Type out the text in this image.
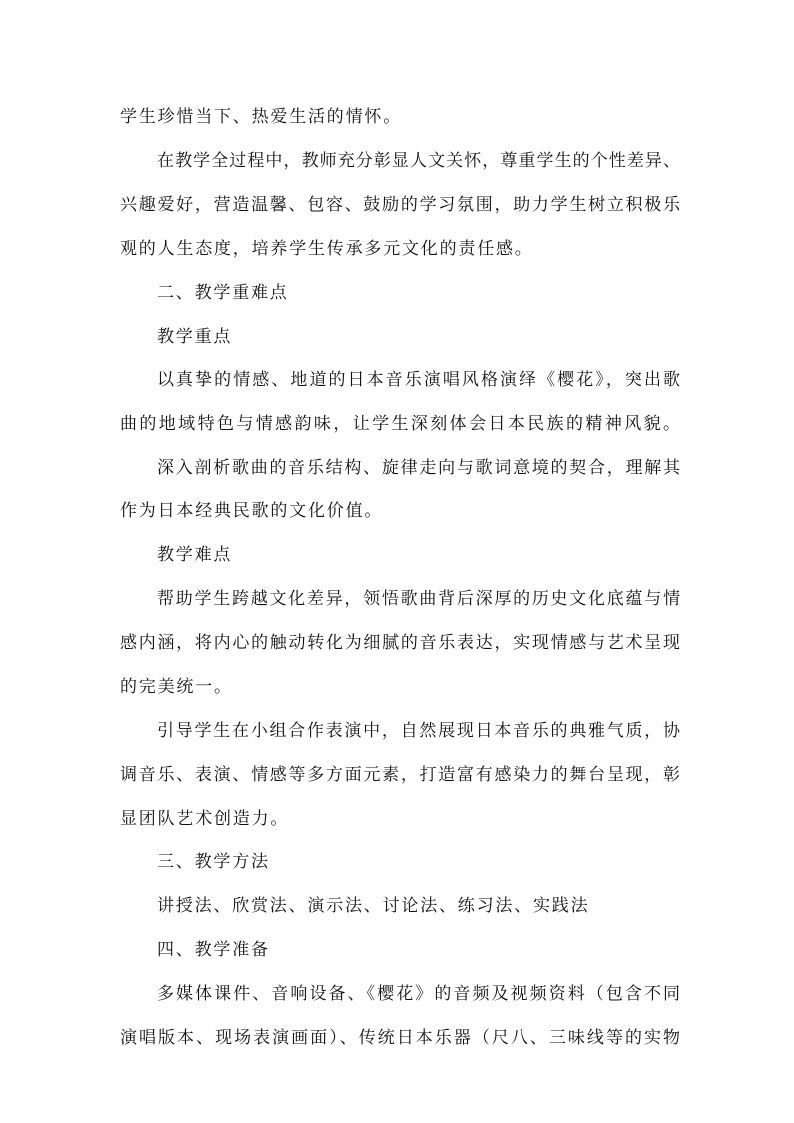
学生珍惜当下、热爱生活的情怀。
在教学全过程中，教师充分彰显人文关怀，尊重学生的个性差异、
兴趣爱好，营造温馨、包容、鼓励的学习氛围，助力学生树立积极乐
观的人生态度，培养学生传承多元文化的责任感。
二、教学重难点
教学重点
以真挚的情感、地道的日本音乐演唱风格演绎《樱花》，突出歌
曲的地域特色与情感韵味，让学生深刻体会日本民族的精神风貌。
深入剖析歌曲的音乐结构、旋律走向与歌词意境的契合，理解其
作为日本经典民歌的文化价值。
教学难点
帮助学生跨越文化差异，领悟歌曲背后深厚的历史文化底蕴与情
感内涵，将内心的触动转化为细腻的音乐表达，实现情感与艺术呈现
的完美统一。
引导学生在小组合作表演中，自然展现日本音乐的典雅气质，协
调音乐、表演、情感等多方面元素，打造富有感染力的舞台呈现，彰
显团队艺术创造力。
三、教学方法
讲授法、欣赏法、演示法、讨论法、练习法、实践法
四、教学准备
多媒体课件、音响设备、《樱花》的音频及视频资料（包含不同
演唱版本、现场表演画面）、传统日本乐器（尺八、三味线等的实物
